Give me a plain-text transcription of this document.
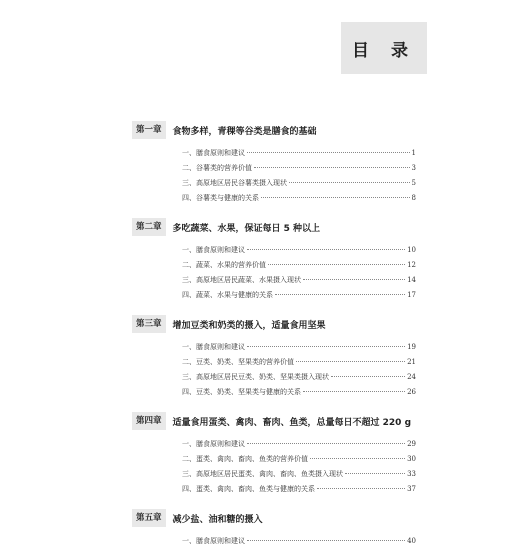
目 录
第一章	食物多样，青稞等谷类是膳食的基础
一、膳食原则和建议	1
二、谷薯类的营养价值	3
三、高原地区居民谷薯类摄入现状	5
四、谷薯类与健康的关系	8
第二章	多吃蔬菜、水果，保证每日 5 种以上
一、膳食原则和建议	10
二、蔬菜、水果的营养价值	12
三、高原地区居民蔬菜、水果摄入现状	14
四、蔬菜、水果与健康的关系	17
第三章	增加豆类和奶类的摄入，适量食用坚果
一、膳食原则和建议	19
二、豆类、奶类、坚果类的营养价值	21
三、高原地区居民豆类、奶类、坚果类摄入现状	24
四、豆类、奶类、坚果类与健康的关系	26
第四章	适量食用蛋类、禽肉、畜肉、鱼类，总量每日不超过 220 g
一、膳食原则和建议	29
二、蛋类、禽肉、畜肉、鱼类的营养价值	30
三、高原地区居民蛋类、禽肉、畜肉、鱼类摄入现状	33
四、蛋类、禽肉、畜肉、鱼类与健康的关系	37
第五章	减少盐、油和糖的摄入
一、膳食原则和建议	40
